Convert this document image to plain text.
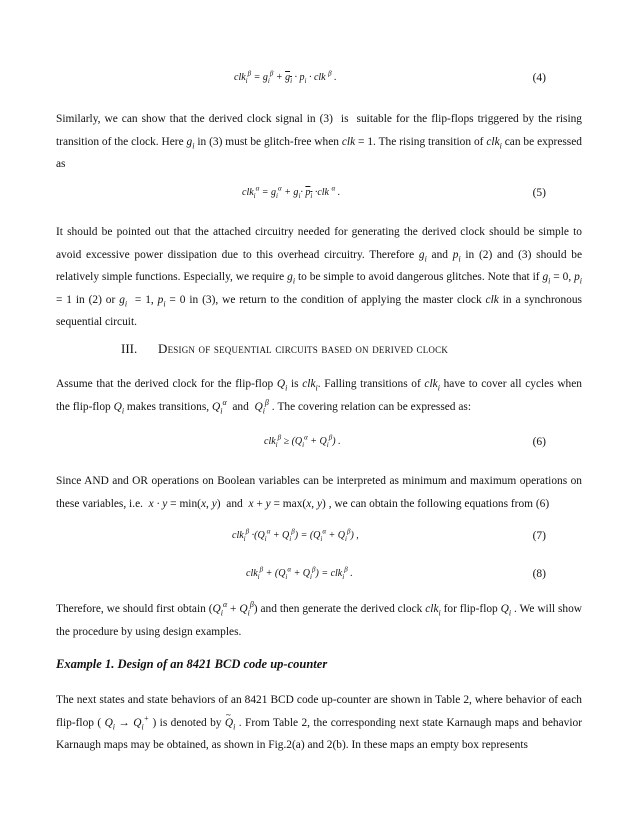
$clk_i^\beta = g_i^\beta + g_i \cdot p_i$ · clk $^\beta$ .	(4)

Similarly, we can show that the derived clock signal in (3)  is  suitable for the flip-flops triggered by the rising transition of the clock. Here $g_i$ in (3) must be glitch-free when clk = 1. The rising transition of clk$_i$ can be expressed as

$clk_i^\alpha = g_i^\alpha + g_i\cdot p_i \cdot clk$ $^\alpha$ .	(5)

It should be pointed out that the attached circuitry needed for generating the derived clock should be simple to avoid excessive power dissipation due to this overhead circuitry. Therefore $g_i$ and $p_i$ in (2) and (3) should be relatively simple functions. Especially, we require $g_i$ to be simple to avoid dangerous glitches. Note that if $g_i = 0$, $p_i = 1$ in (2) or $g_i = 1$, $p_i = 0$ in (3), we return to the condition of applying the master clock clk in a synchronous sequential circuit.

III. Design of sequential circuits based on derived clock

Assume that the derived clock for the flip-flop $Q_i$ is clk$_i$. Falling transitions of clk$_i$ have to cover all cycles when the flip-flop $Q_i$ makes transitions, $Q_i^\alpha$  and  $Q_i^\beta$ . The covering relation can be expressed as:

$clk_i^\beta \ge (Q_i^\alpha + Q_i^\beta)$ .	(6)

Since AND and OR operations on Boolean variables can be interpreted as minimum and maximum operations on these variables, i.e.  x · y = min(x, y)  and  x + y = max(x, y) , we can obtain the following equations from (6)

$clk_i^\beta \cdot(Q_i^\alpha + Q_i^\beta) = (Q_i^\alpha + Q_i^\beta)$ ,	(7)
$clk_i^\beta + (Q_i^\alpha + Q_i^\beta) = clk_i^\beta$ .	(8)

Therefore, we should first obtain $(Q_i^\alpha + Q_i^\beta)$ and then generate the derived clock clk$_i$ for flip-flop $Q_i$ . We will show the procedure by using design examples.

Example 1. Design of an 8421 BCD code up-counter

The next states and state behaviors of an 8421 BCD code up-counter are shown in Table 2, where behavior of each flip-flop ( $Q_i \to Q_i^+$ ) is denoted by ~ $Q_i$ . From Table 2, the corresponding next state Karnaugh maps and behavior Karnaugh maps may be obtained, as shown in Fig.2(a) and 2(b). In these maps an empty box represents
